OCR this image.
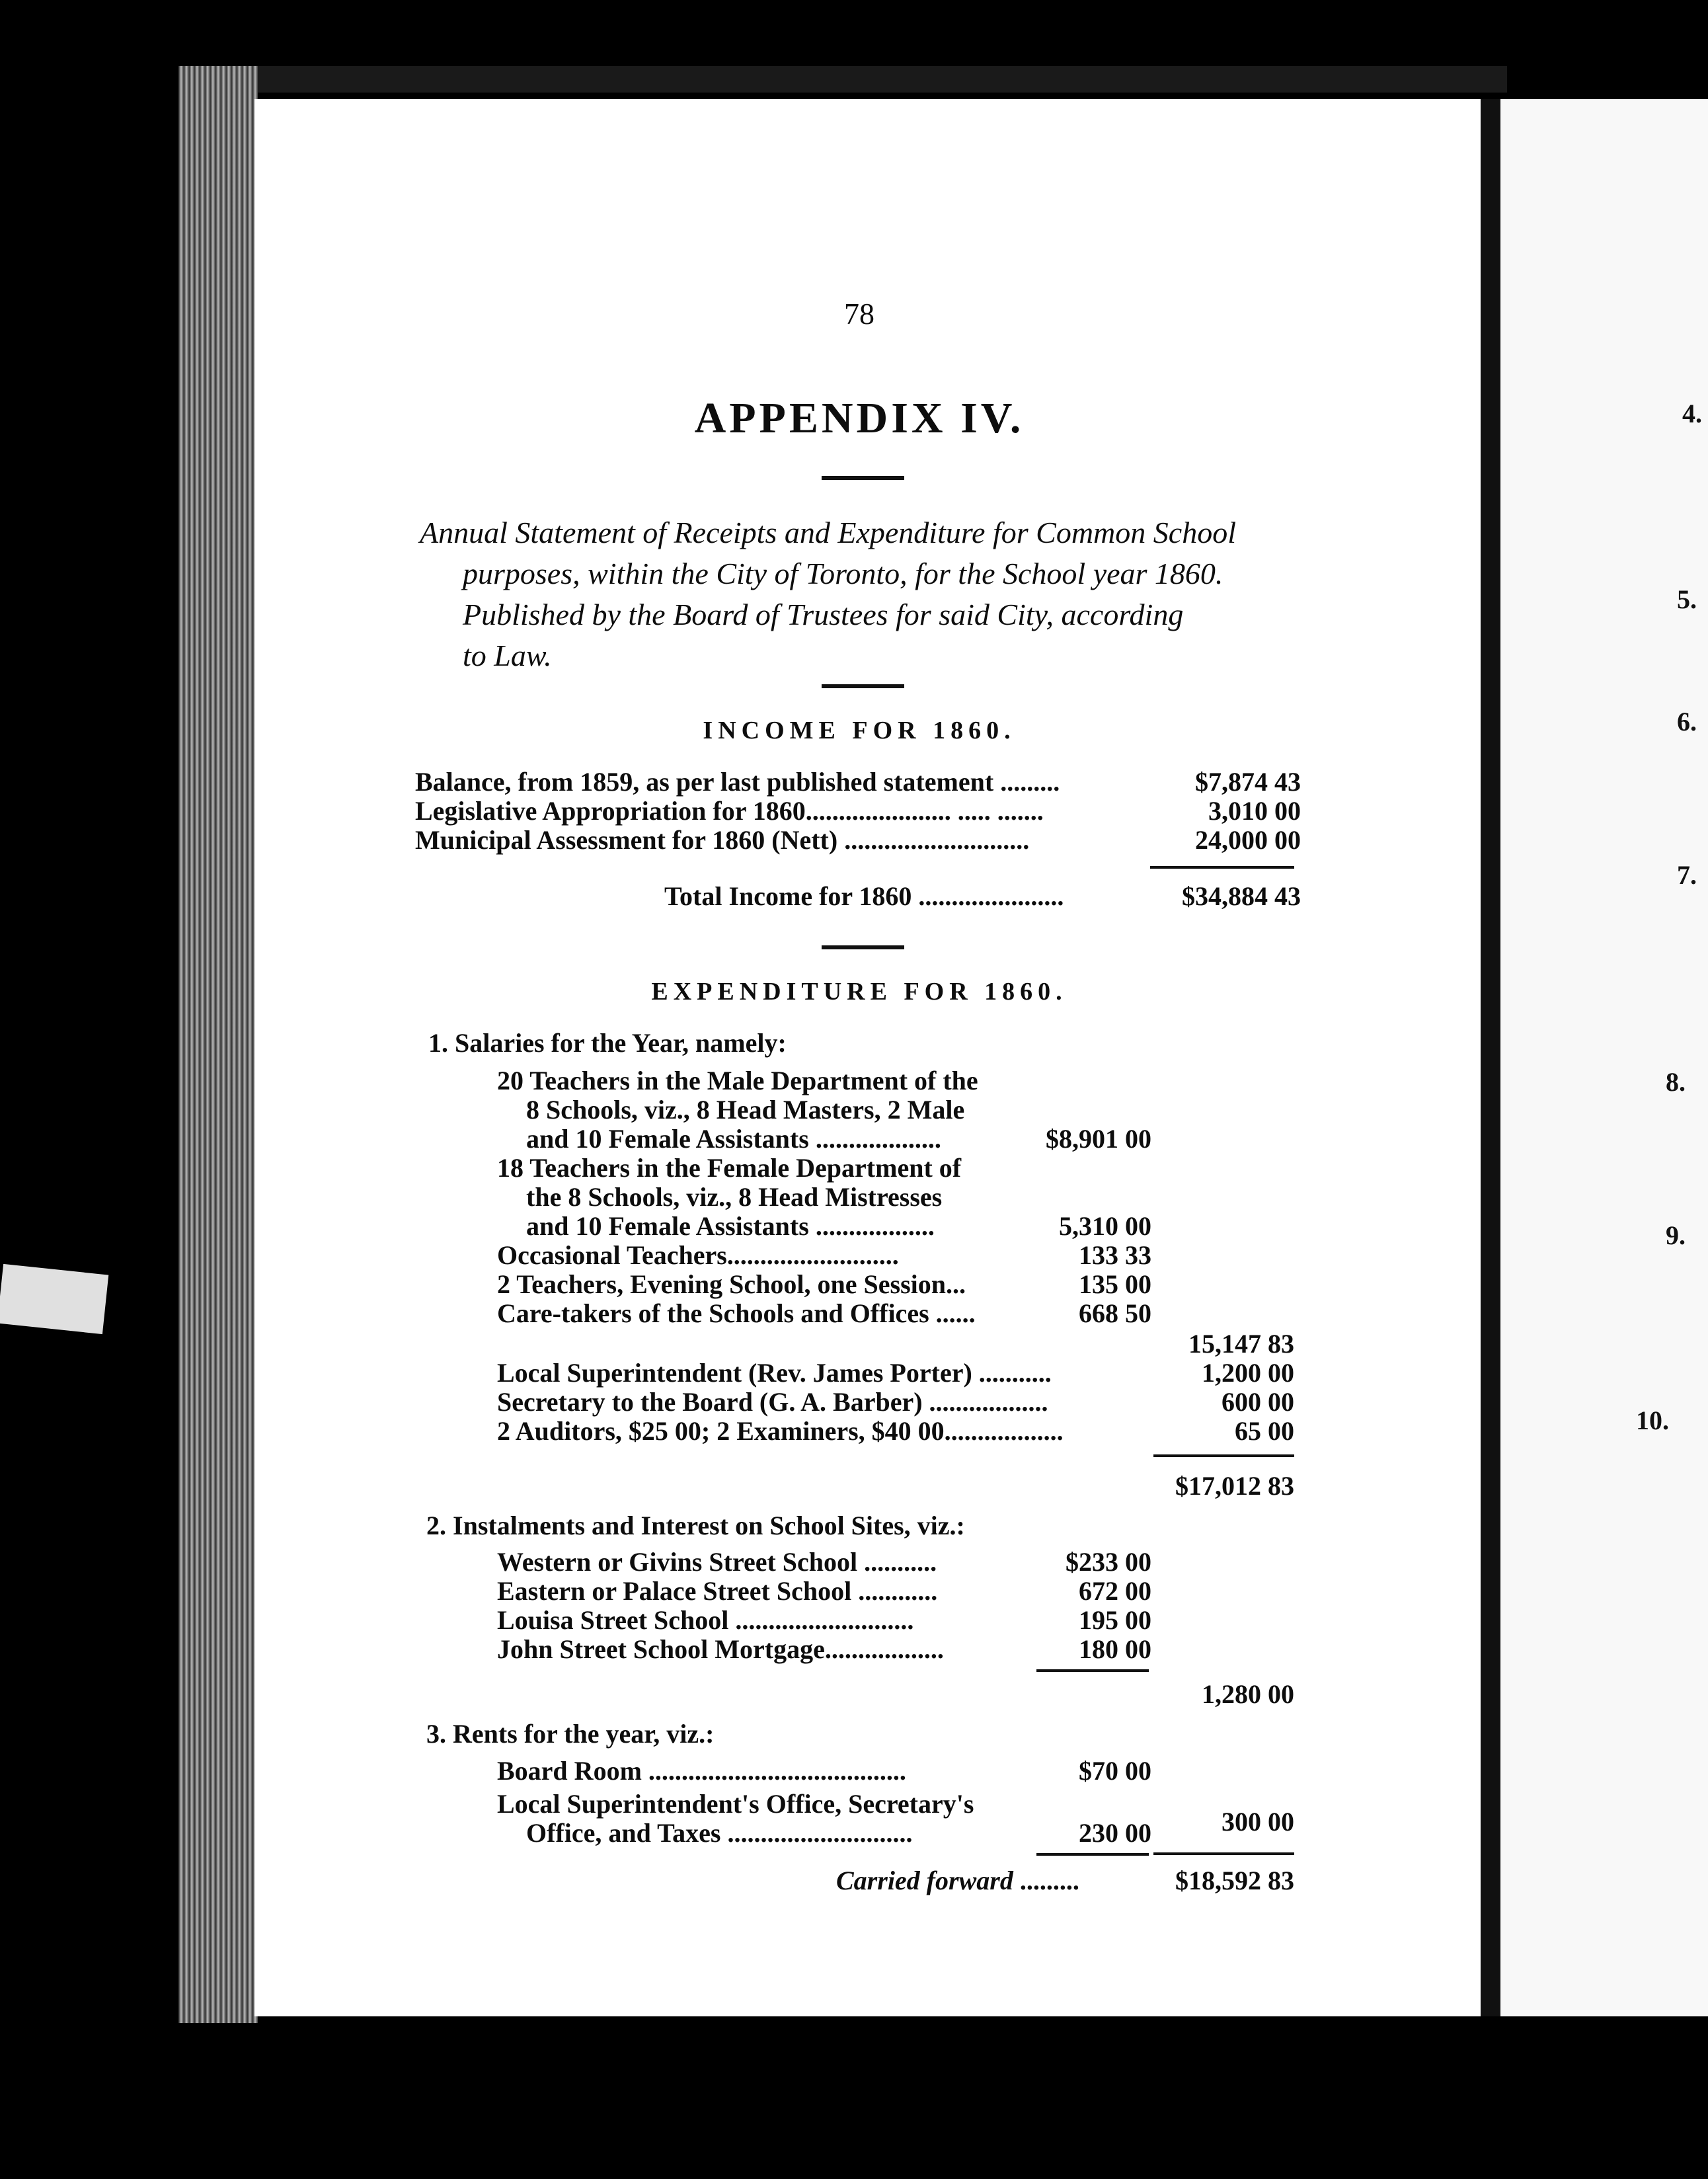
4.
5.
6.
7.
8.
9.
10.
78
APPENDIX IV.
Annual Statement of Receipts and Expenditure for Common School
purposes, within the City of Toronto, for the School year 1860.
Published by the Board of Trustees for said City, according
to Law.
INCOME FOR 1860.
Balance, from 1859, as per last published statement .........	$7,874 43
Legislative Appropriation for 1860...................... ..... .......	3,010 00
Municipal Assessment for 1860 (Nett) ............................	24,000 00
Total Income for 1860 ......................	$34,884 43
EXPENDITURE FOR 1860.
1. Salaries for the Year, namely:
20 Teachers in the Male Department of the
8 Schools, viz., 8 Head Masters, 2 Male
and 10 Female Assistants ...................	$8,901 00
18 Teachers in the Female Department of
the 8 Schools, viz., 8 Head Mistresses
and 10 Female Assistants ..................	5,310 00
Occasional Teachers..........................	133 33
2 Teachers, Evening School, one Session...	135 00
Care-takers of the Schools and Offices ......	668 50
15,147 83
Local Superintendent (Rev. James Porter) ...........	1,200 00
Secretary to the Board (G. A. Barber) ..................	600 00
2 Auditors, $25 00; 2 Examiners, $40 00..................	65 00
$17,012 83
2. Instalments and Interest on School Sites, viz.:
Western or Givins Street School ...........	$233 00
Eastern or Palace Street School ............	672 00
Louisa Street School ...........................	195 00
John Street School Mortgage..................	180 00
1,280 00
3. Rents for the year, viz.:
Board Room .......................................	$70 00
Local Superintendent's Office, Secretary's
Office, and Taxes ............................	230 00	300 00
Carried forward .........	$18,592 83
